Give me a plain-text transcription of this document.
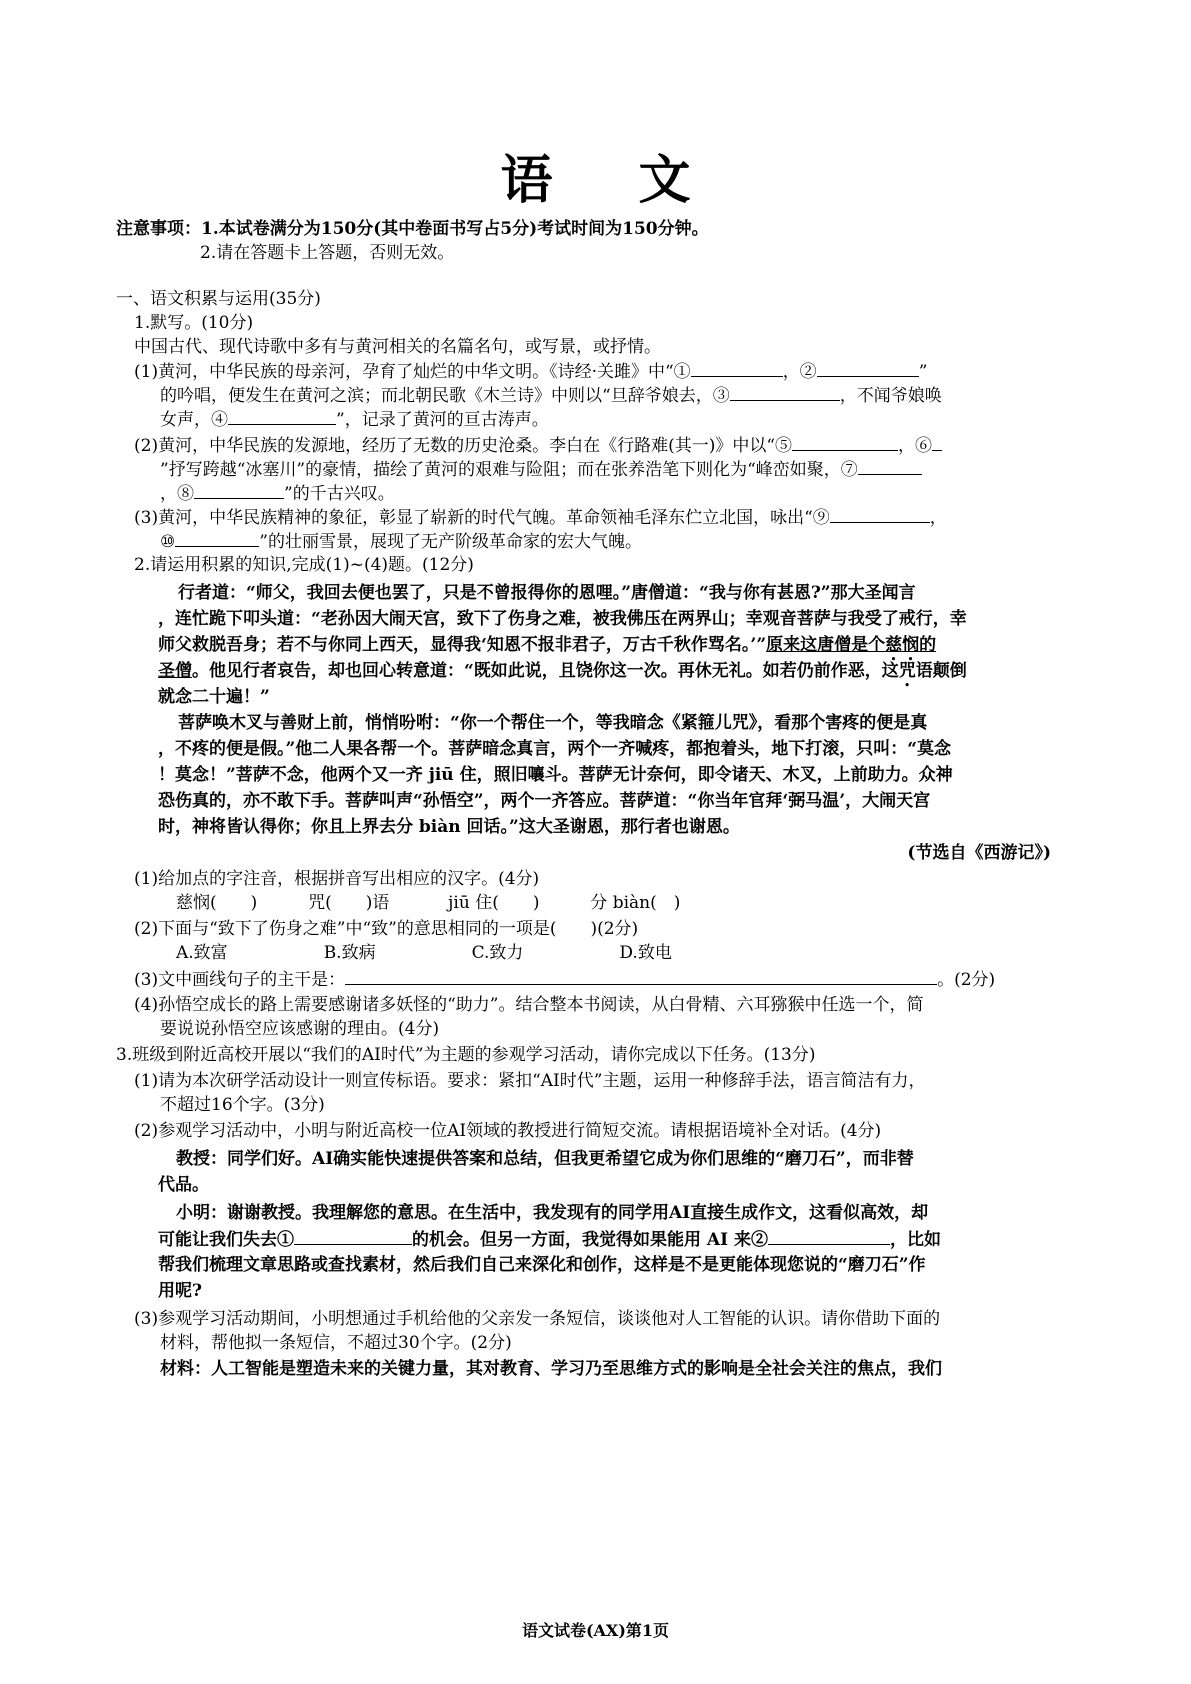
语 文
注意事项：1.本试卷满分为150分(其中卷面书写占5分)考试时间为150分钟。
2.请在答题卡上答题，否则无效。
一、语文积累与运用(35分)
1.默写。(10分)
中国古代、现代诗歌中多有与黄河相关的名篇名句，或写景，或抒情。
(1)黄河，中华民族的母亲河，孕育了灿烂的中华文明。《诗经·关雎》中“①	，②	”
的吟唱，便发生在黄河之滨；而北朝民歌《木兰诗》中则以“旦辞爷娘去，③	，不闻爷娘唤
女声，④	”，记录了黄河的亘古涛声。
(2)黄河，中华民族的发源地，经历了无数的历史沧桑。李白在《行路难(其一)》中以“⑤	，⑥
”抒写跨越“冰塞川”的豪情，描绘了黄河的艰难与险阻；而在张养浩笔下则化为“峰峦如聚，⑦
，⑧	”的千古兴叹。
(3)黄河，中华民族精神的象征，彰显了崭新的时代气魄。革命领袖毛泽东伫立北国，咏出“⑨	，
⑩	”的壮丽雪景，展现了无产阶级革命家的宏大气魄。
2.请运用积累的知识,完成(1)~(4)题。(12分)
行者道：“师父，我回去便也罢了，只是不曾报得你的恩哩。”唐僧道：“我与你有甚恩?”那大圣闻言
，连忙跪下叩头道：“老孙因大闹天宫，致下了伤身之难，被我佛压在两界山；幸观音菩萨与我受了戒行，幸
师父救脱吾身；若不与你同上西天，显得我‘知恩不报非君子，万古千秋作骂名。’”原来这唐僧是个慈悯的
圣僧。他见行者哀告，却也回心转意道：“既如此说，且饶你这一次。再休无礼。如若仍前作恶，这咒语颠倒
就念二十遍！”
菩萨唤木叉与善财上前，悄悄吩咐：“你一个帮住一个，等我暗念《紧箍儿咒》，看那个害疼的便是真
，不疼的便是假。”他二人果各帮一个。菩萨暗念真言，两个一齐喊疼，都抱着头，地下打滚，只叫：“莫念
！莫念！”菩萨不念，他两个又一齐 jiū 住，照旧嚷斗。菩萨无计奈何，即令诸天、木叉，上前助力。众神
恐伤真的，亦不敢下手。菩萨叫声“孙悟空”，两个一齐答应。菩萨道：“你当年官拜‘弼马温’，大闹天宫
时，神将皆认得你；你且上界去分 biàn 回话。”这大圣谢恩，那行者也谢恩。
(节选自《西游记》)
(1)给加点的字注音，根据拼音写出相应的汉字。(4分)
慈悯(　　)	咒(　　)语	jiū 住(　　)	分 biàn(　)
(2)下面与“致下了伤身之难”中“致”的意思相同的一项是(　　)(2分)
A.致富	B.致病	C.致力	D.致电
(3)文中画线句子的主干是：	。(2分)
(4)孙悟空成长的路上需要感谢诸多妖怪的“助力”。结合整本书阅读，从白骨精、六耳猕猴中任选一个，简
要说说孙悟空应该感谢的理由。(4分)
3.班级到附近高校开展以“我们的AI时代”为主题的参观学习活动，请你完成以下任务。(13分)
(1)请为本次研学活动设计一则宣传标语。要求：紧扣“AI时代”主题，运用一种修辞手法，语言简洁有力，
不超过16个字。(3分)
(2)参观学习活动中，小明与附近高校一位AI领域的教授进行简短交流。请根据语境补全对话。(4分)
教授：同学们好。AI确实能快速提供答案和总结，但我更希望它成为你们思维的“磨刀石”，而非替
代品。
小明：谢谢教授。我理解您的意思。在生活中，我发现有的同学用AI直接生成作文，这看似高效，却
可能让我们失去①	的机会。但另一方面，我觉得如果能用 AI 来②	，比如
帮我们梳理文章思路或查找素材，然后我们自己来深化和创作，这样是不是更能体现您说的“磨刀石”作
用呢?
(3)参观学习活动期间，小明想通过手机给他的父亲发一条短信，谈谈他对人工智能的认识。请你借助下面的
材料，帮他拟一条短信，不超过30个字。(2分)
材料：人工智能是塑造未来的关键力量，其对教育、学习乃至思维方式的影响是全社会关注的焦点，我们
语文试卷(AX)第1页
